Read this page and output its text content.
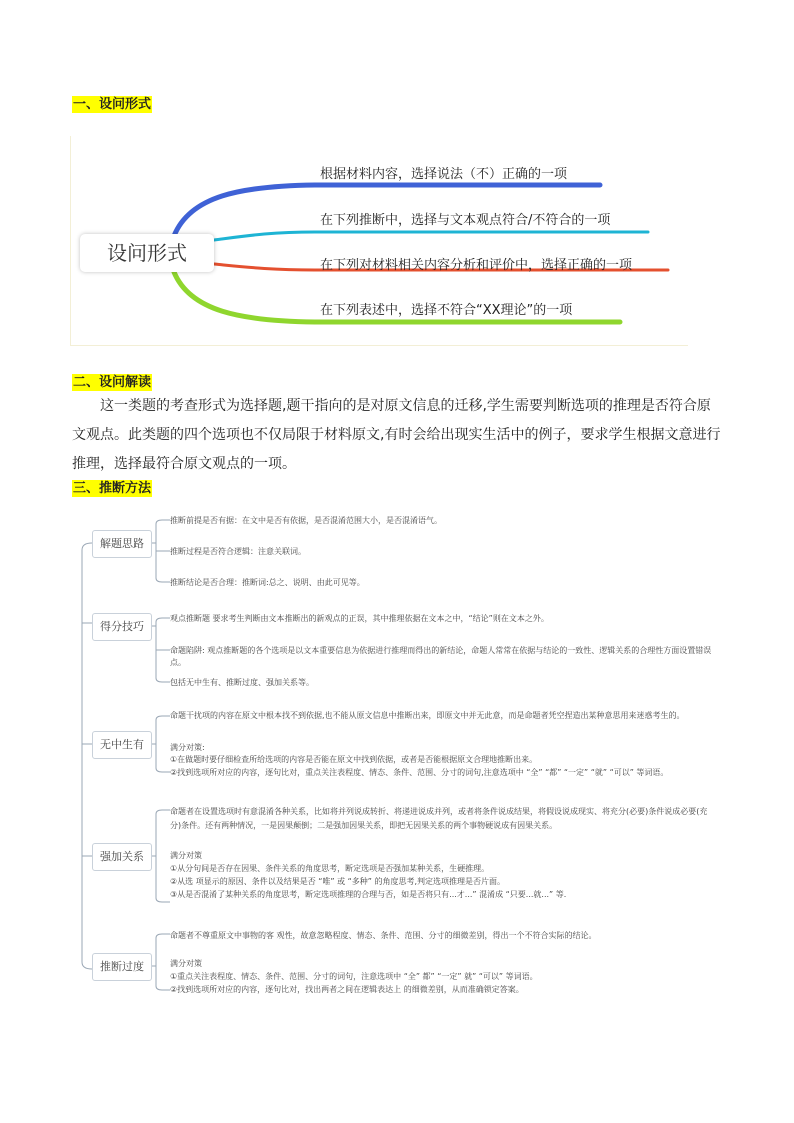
一、设问形式
设问形式
根据材料内容，选择说法（不）正确的一项
在下列推断中，选择与文本观点符合/不符合的一项
在下列对材料相关内容分析和评价中，选择正确的一项
在下列表述中，选择不符合“XX理论”的一项
二、设问解读
这一类题的考查形式为选择题,题干指向的是对原文信息的迁移,学生需要判断选项的推理是否符合原
文观点。此类题的四个选项也不仅局限于材料原文,有时会给出现实生活中的例子，要求学生根据文意进行
推理，选择最符合原文观点的一项。
三、推断方法
解题思路
得分技巧
无中生有
强加关系
推断过度
推断前提是否有据：在文中是否有依据，是否混淆范围大小，是否混淆语气。
推断过程是否符合逻辑：注意关联词。
推断结论是否合理：推断词:总之、说明、由此可见等。
观点推断题 要求考生判断由文本推断出的新观点的正误，其中推理依据在文本之中，“结论”则在文本之外。
命题陷阱: 观点推断题的各个选项是以文本重要信息为依据进行推理而得出的新结论，命题人常常在依据与结论的一致性、逻辑关系的合理性方面设置错误点。
包括无中生有、推断过度、强加关系等。
命题干扰项的内容在原文中根本找不到依据,也不能从原文信息中推断出来，即原文中并无此意，而是命题者凭空捏造出某种意思用来迷惑考生的。
满分对策:
①在做题时要仔细检查所给选项的内容是否能在原文中找到依据，或者是否能根据原文合理地推断出来。
②找到选项所对应的内容，逐句比对，重点关注表程度、情态、条件、范围、分寸的词句,注意选项中 “全” “都” “一定” “就” “可以” 等词语。
命题者在设置选项时有意混淆各种关系，比如将并列说成转折、将递进说成并列，或者将条件说成结果，将假设说成现实、将充分(必要)条件说成必要(充分)条件。还有两种情况，一是因果颠倒；二是强加因果关系，即把无因果关系的两个事物硬说成有因果关系。
满分对策
①从分句间是否存在因果、条件关系的角度思考，断定选项是否强加某种关系，生硬推理。
②从选 项显示的原因、条件以及结果是否 “唯” 或 “多种” 的角度思考,判定选项推理是否片面。
③从是否混淆了某种关系的角度思考，断定选项推理的合理与否，如是否将只有...才...” 混淆成 “只要...就...” 等.
命题者不尊重原文中事物的客 观性，故意忽略程度、情态、条件、范围、分寸的细微差别，得出一个不符合实际的结论。
满分对策
①重点关注表程度、情态、条件、范围、分寸的词句，注意选项中 “全” 都” “一定” 就” “可以” 等词语。
②找到选项所对应的内容，逐句比对，找出两者之间在逻辑表达上 的细微差别，从而准确锁定答案。
